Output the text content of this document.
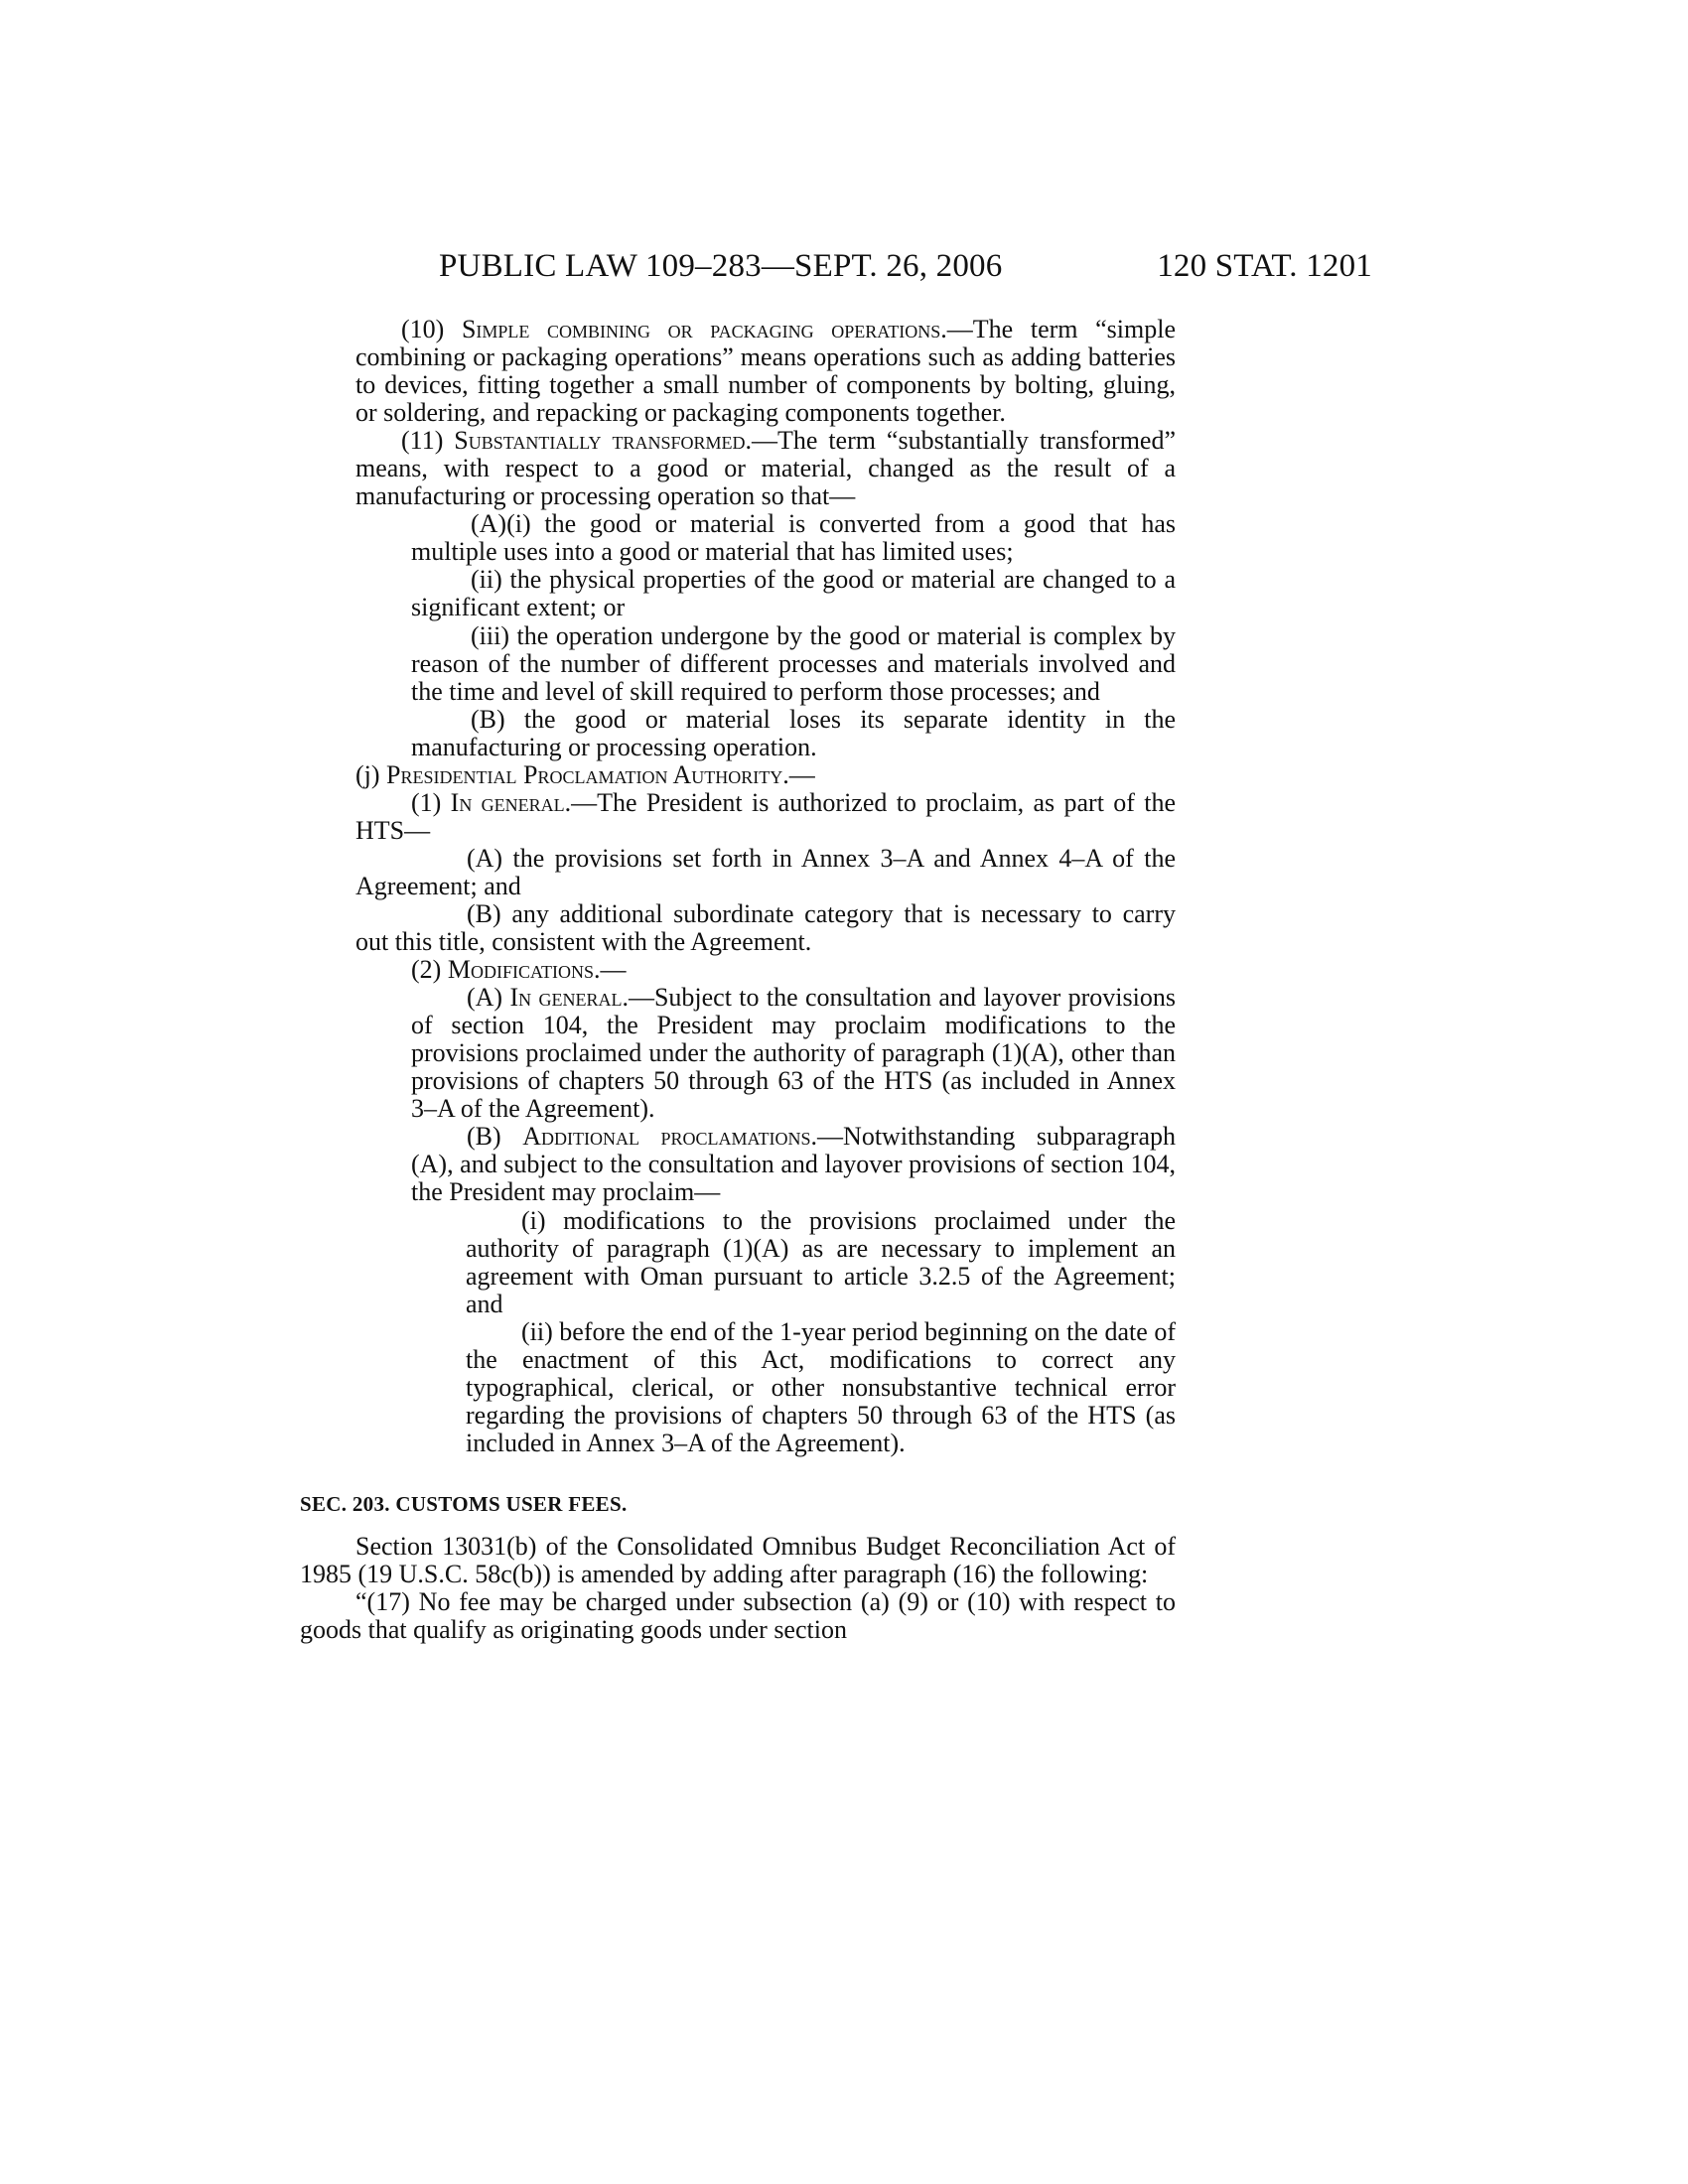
PUBLIC LAW 109–283—SEPT. 26, 2006	120 STAT. 1201
(10) Simple combining or packaging operations.—The term “simple combining or packaging operations” means operations such as adding batteries to devices, fitting together a small number of components by bolting, gluing, or soldering, and repacking or packaging components together.
(11) Substantially transformed.—The term “substantially transformed” means, with respect to a good or material, changed as the result of a manufacturing or processing operation so that—
(A)(i) the good or material is converted from a good that has multiple uses into a good or material that has limited uses;
(ii) the physical properties of the good or material are changed to a significant extent; or
(iii) the operation undergone by the good or material is complex by reason of the number of different processes and materials involved and the time and level of skill required to perform those processes; and
(B) the good or material loses its separate identity in the manufacturing or processing operation.
(j) Presidential Proclamation Authority.—
(1) In general.—The President is authorized to proclaim, as part of the HTS—
(A) the provisions set forth in Annex 3–A and Annex 4–A of the Agreement; and
(B) any additional subordinate category that is necessary to carry out this title, consistent with the Agreement.
(2) Modifications.—
(A) In general.—Subject to the consultation and layover provisions of section 104, the President may proclaim modifications to the provisions proclaimed under the authority of paragraph (1)(A), other than provisions of chapters 50 through 63 of the HTS (as included in Annex 3–A of the Agreement).
(B) Additional proclamations.—Notwithstanding subparagraph (A), and subject to the consultation and layover provisions of section 104, the President may proclaim—
(i) modifications to the provisions proclaimed under the authority of paragraph (1)(A) as are necessary to implement an agreement with Oman pursuant to article 3.2.5 of the Agreement; and
(ii) before the end of the 1-year period beginning on the date of the enactment of this Act, modifications to correct any typographical, clerical, or other nonsubstantive technical error regarding the provisions of chapters 50 through 63 of the HTS (as included in Annex 3–A of the Agreement).
SEC. 203. CUSTOMS USER FEES.
Section 13031(b) of the Consolidated Omnibus Budget Reconciliation Act of 1985 (19 U.S.C. 58c(b)) is amended by adding after paragraph (16) the following:
“(17) No fee may be charged under subsection (a) (9) or (10) with respect to goods that qualify as originating goods under section
